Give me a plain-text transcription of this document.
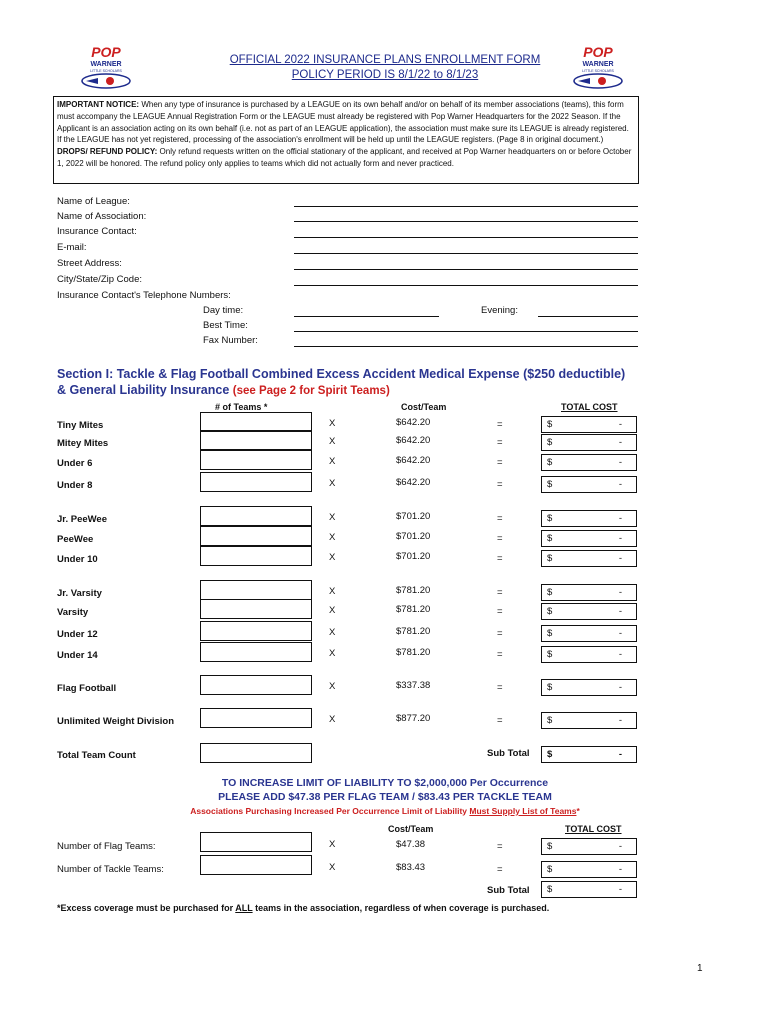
POP
WARNER
LITTLE SCHOLARS
POP
WARNER
LITTLE SCHOLARS
OFFICIAL 2022 INSURANCE PLANS ENROLLMENT FORM
POLICY PERIOD IS 8/1/22 to 8/1/23
IMPORTANT NOTICE: When any type of insurance is purchased by a LEAGUE on its own behalf and/or on behalf of its member associations (teams), this form must accompany the LEAGUE Annual Registration Form or the LEAGUE must already be registered with Pop Warner Headquarters for the 2022 Season. If the Applicant is an association acting on its own behalf (i.e. not as part of an LEAGUE application), the association must make sure its LEAGUE is already registered. If the LEAGUE has not yet registered, processing of the association's enrollment will be held up until the LEAGUE registers. (Page 8 in original document.)
DROPS/ REFUND POLICY: Only refund requests written on the official stationary of the applicant, and received at Pop Warner headquarters on or before October 1, 2022 will be honored. The refund policy only applies to teams which did not actually form and never practiced.
Name of League:
Name of Association:
Insurance Contact:
E-mail:
Street Address:
City/State/Zip Code:
Insurance Contact's Telephone Numbers:
Day time:	Evening:
Best Time:
Fax Number:
Section I: Tackle & Flag Football Combined Excess Accident Medical Expense ($250 deductible)
& General Liability Insurance (see Page 2 for Spirit Teams)
# of Teams *	Cost/Team	TOTAL COST
Tiny Mites	X	$642.20	=	$	-
Mitey Mites	X	$642.20	=	$	-
Under 6	X	$642.20	=	$	-
Under 8	X	$642.20	=	$	-
Jr. PeeWee	X	$701.20	=	$	-
PeeWee	X	$701.20	=	$	-
Under 10	X	$701.20	=	$	-
Jr. Varsity	X	$781.20	=	$	-
Varsity	X	$781.20	=	$	-
Under 12	X	$781.20	=	$	-
Under 14	X	$781.20	=	$	-
Flag Football	X	$337.38	=	$	-
Unlimited Weight Division	X	$877.20	=	$	-
Total Team Count	Sub Total $	-
TO INCREASE LIMIT OF LIABILITY TO $2,000,000 Per Occurrence
PLEASE ADD $47.38 PER FLAG TEAM / $83.43 PER TACKLE TEAM
Associations Purchasing Increased Per Occurrence Limit of Liability Must Supply List of Teams*
Cost/Team	TOTAL COST
Number of Flag Teams:	X	$47.38	=	$	-
Number of Tackle Teams:	X	$83.43	=	$	-
Sub Total $	-
*Excess coverage must be purchased for ALL teams in the association, regardless of when coverage is purchased.
1
